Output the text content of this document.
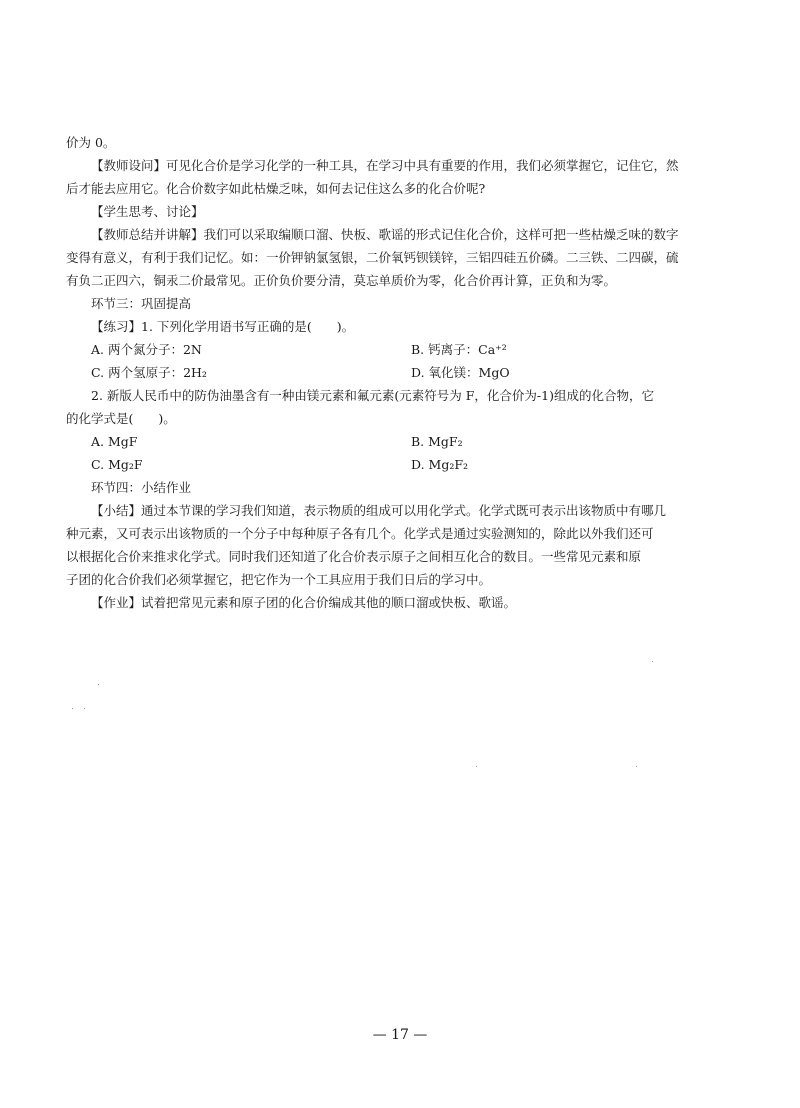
价为 0。

【教师设问】可见化合价是学习化学的一种工具，在学习中具有重要的作用，我们必须掌握它，记住它，然

后才能去应用它。化合价数字如此枯燥乏味，如何去记住这么多的化合价呢?

【学生思考、讨论】

【教师总结并讲解】我们可以采取编顺口溜、快板、歌谣的形式记住化合价，这样可把一些枯燥乏味的数字

变得有意义，有利于我们记忆。如：一价钾钠氯氢银，二价氧钙钡镁锌，三铝四硅五价磷。二三铁、二四碳，硫

有负二正四六，铜汞二价最常见。正价负价要分清，莫忘单质价为零，化合价再计算，正负和为零。

环节三：巩固提高

【练习】1. 下列化学用语书写正确的是(　　)。

A. 两个氮分子：2N	B. 钙离子：Ca⁺²
C. 两个氢原子：2H₂	D. 氧化镁：MgO

2. 新版人民币中的防伪油墨含有一种由镁元素和氟元素(元素符号为 F，化合价为-1)组成的化合物，它

的化学式是(　　)。

A. MgF	B. MgF₂
C. Mg₂F	D. Mg₂F₂

环节四：小结作业

【小结】通过本节课的学习我们知道，表示物质的组成可以用化学式。化学式既可表示出该物质中有哪几

种元素，又可表示出该物质的一个分子中每种原子各有几个。化学式是通过实验测知的，除此以外我们还可

以根据化合价来推求化学式。同时我们还知道了化合价表示原子之间相互化合的数目。一些常见元素和原

子团的化合价我们必须掌握它，把它作为一个工具应用于我们日后的学习中。

【作业】试着把常见元素和原子团的化合价编成其他的顺口溜或快板、歌谣。

— 17 —
